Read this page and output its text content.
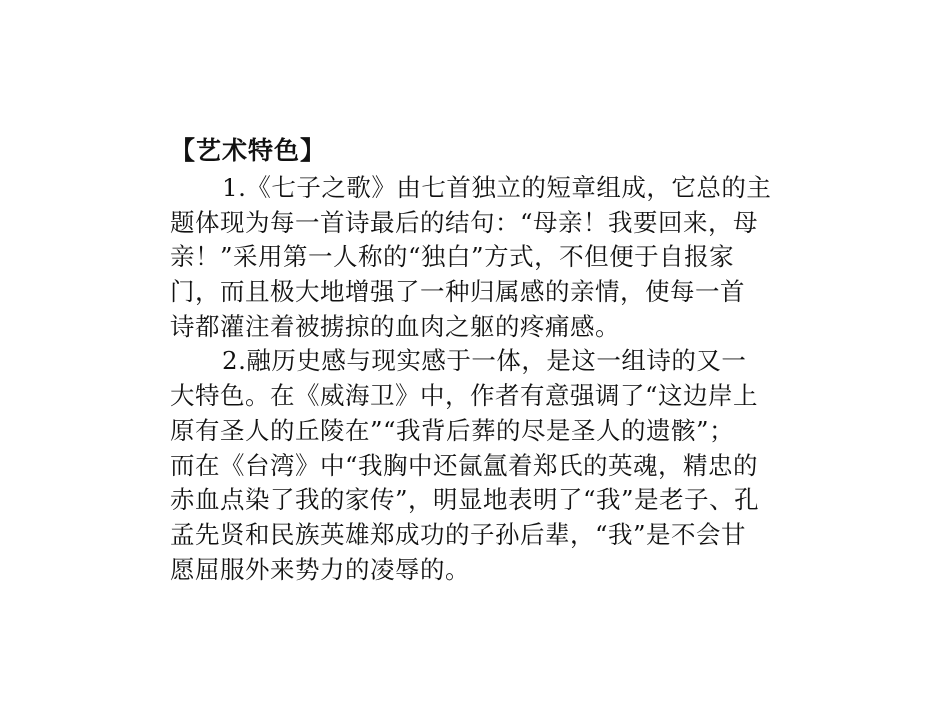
【艺术特色】
1.《七子之歌》由七首独立的短章组成，它总的主
题体现为每一首诗最后的结句：“母亲！我要回来，母
亲！”采用第一人称的“独白”方式，不但便于自报家
门，而且极大地增强了一种归属感的亲情，使每一首
诗都灌注着被掳掠的血肉之躯的疼痛感。
2.融历史感与现实感于一体，是这一组诗的又一
大特色。在《威海卫》中，作者有意强调了“这边岸上
原有圣人的丘陵在”“我背后葬的尽是圣人的遗骸”；
而在《台湾》中“我胸中还氤氲着郑氏的英魂，精忠的
赤血点染了我的家传”，明显地表明了“我”是老子、孔
孟先贤和民族英雄郑成功的子孙后辈，“我”是不会甘
愿屈服外来势力的凌辱的。
